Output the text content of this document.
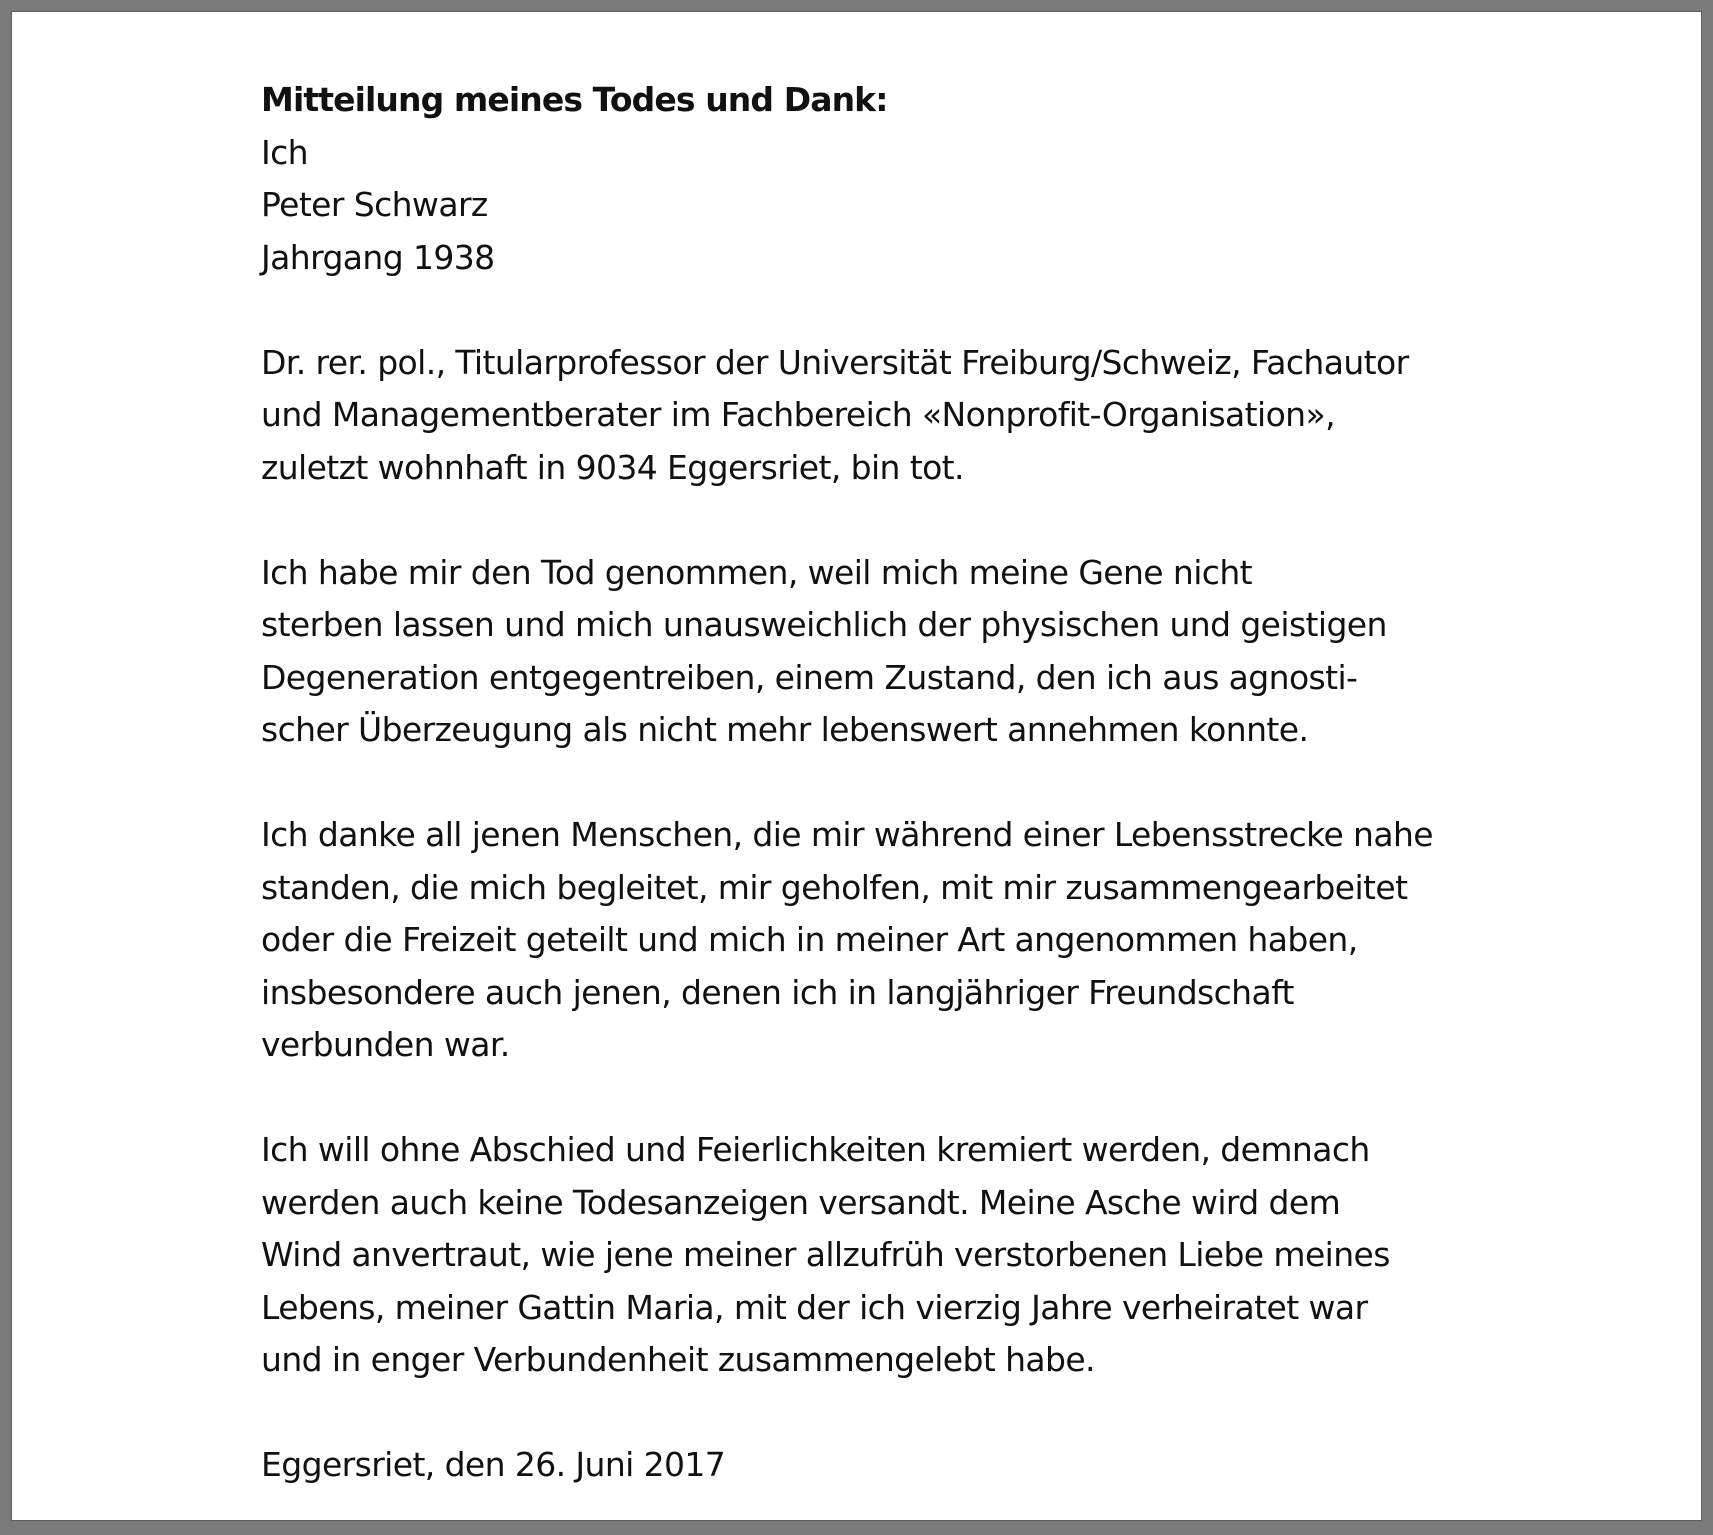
Mitteilung meines Todes und Dank:
Ich
Peter Schwarz
Jahrgang 1938
Dr. rer. pol., Titularprofessor der Universität Freiburg/Schweiz, Fachautor
und Managementberater im Fachbereich «Nonprofit-Organisation»,
zuletzt wohnhaft in 9034 Eggersriet, bin tot.
Ich habe mir den Tod genommen, weil mich meine Gene nicht
sterben lassen und mich unausweichlich der physischen und geistigen
Degeneration entgegentreiben, einem Zustand, den ich aus agnosti-
scher Überzeugung als nicht mehr lebenswert annehmen konnte.
Ich danke all jenen Menschen, die mir während einer Lebensstrecke nahe
standen, die mich begleitet, mir geholfen, mit mir zusammengearbeitet
oder die Freizeit geteilt und mich in meiner Art angenommen haben,
insbesondere auch jenen, denen ich in langjähriger Freundschaft
verbunden war.
Ich will ohne Abschied und Feierlichkeiten kremiert werden, demnach
werden auch keine Todesanzeigen versandt. Meine Asche wird dem
Wind anvertraut, wie jene meiner allzufrüh verstorbenen Liebe meines
Lebens, meiner Gattin Maria, mit der ich vierzig Jahre verheiratet war
und in enger Verbundenheit zusammengelebt habe.
Eggersriet, den 26. Juni 2017
